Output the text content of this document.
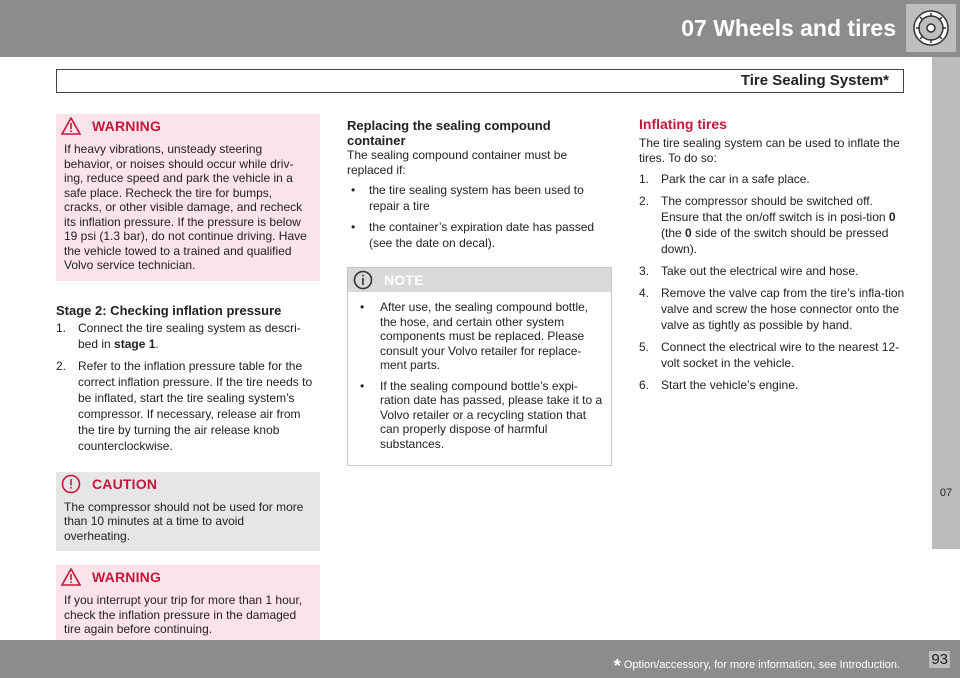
07 Wheels and tires
Tire Sealing System*
07
WARNING
If heavy vibrations, unsteady steering behavior, or noises should occur while driv-ing, reduce speed and park the vehicle in a safe place. Recheck the tire for bumps, cracks, or other visible damage, and recheck its inflation pressure. If the pressure is below 19 psi (1.3 bar), do not continue driving. Have the vehicle towed to a trained and qualified Volvo service technician.
Stage 2: Checking inflation pressure
1. Connect the tire sealing system as descri-bed in stage 1.
2. Refer to the inflation pressure table for the correct inflation pressure. If the tire needs to be inflated, start the tire sealing system’s compressor. If necessary, release air from the tire by turning the air release knob counterclockwise.
CAUTION
The compressor should not be used for more than 10 minutes at a time to avoid overheating.
WARNING
If you interrupt your trip for more than 1 hour, check the inflation pressure in the damaged tire again before continuing.
Replacing the sealing compound container
The sealing compound container must be replaced if:
• the tire sealing system has been used to repair a tire
• the container’s expiration date has passed (see the date on decal).
NOTE
• After use, the sealing compound bottle, the hose, and certain other system components must be replaced. Please consult your Volvo retailer for replace-ment parts.
• If the sealing compound bottle’s expi-ration date has passed, please take it to a Volvo retailer or a recycling station that can properly dispose of harmful substances.
Inflating tires
The tire sealing system can be used to inflate the tires. To do so:
1. Park the car in a safe place.
2. The compressor should be switched off. Ensure that the on/off switch is in posi-tion 0 (the 0 side of the switch should be pressed down).
3. Take out the electrical wire and hose.
4. Remove the valve cap from the tire’s infla-tion valve and screw the hose connector onto the valve as tightly as possible by hand.
5. Connect the electrical wire to the nearest 12-volt socket in the vehicle.
6. Start the vehicle’s engine.
* Option/accessory, for more information, see Introduction. 93
